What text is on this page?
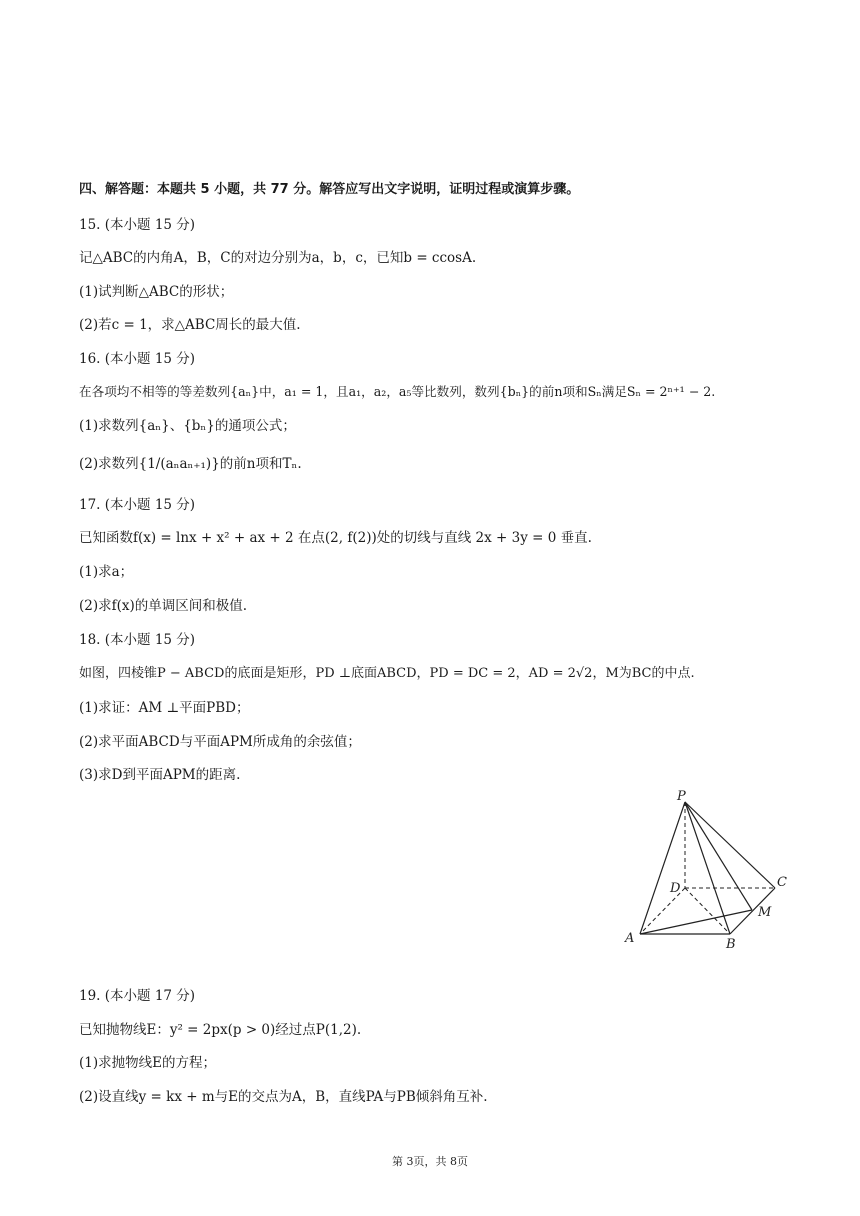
四、解答题：本题共 5 小题，共 77 分。解答应写出文字说明，证明过程或演算步骤。
15. (本小题 15 分)
记△ABC的内角A，B，C的对边分别为a，b，c，已知b = ccosA.
(1)试判断△ABC的形状；
(2)若c = 1，求△ABC周长的最大值.
16. (本小题 15 分)
在各项均不相等的等差数列{aₙ}中，a₁ = 1，且a₁，a₂，a₅等比数列，数列{bₙ}的前n项和Sₙ满足Sₙ = 2ⁿ⁺¹ − 2.
(1)求数列{aₙ}、{bₙ}的通项公式；
(2)求数列{1/(aₙaₙ₊₁)}的前n项和Tₙ.
17. (本小题 15 分)
已知函数f(x) = lnx + x² + ax + 2 在点(2, f(2))处的切线与直线 2x + 3y = 0 垂直.
(1)求a；
(2)求f(x)的单调区间和极值.
18. (本小题 15 分)
如图，四棱锥P − ABCD的底面是矩形，PD ⊥底面ABCD，PD = DC = 2，AD = 2√2，M为BC的中点.
(1)求证：AM ⊥平面PBD；
(2)求平面ABCD与平面APM所成角的余弦值；
(3)求D到平面APM的距离.
P
D	C
M
A	B
19. (本小题 17 分)
已知抛物线E：y² = 2px(p > 0)经过点P(1,2).
(1)求抛物线E的方程；
(2)设直线y = kx + m与E的交点为A，B，直线PA与PB倾斜角互补.
第 3页，共 8页
